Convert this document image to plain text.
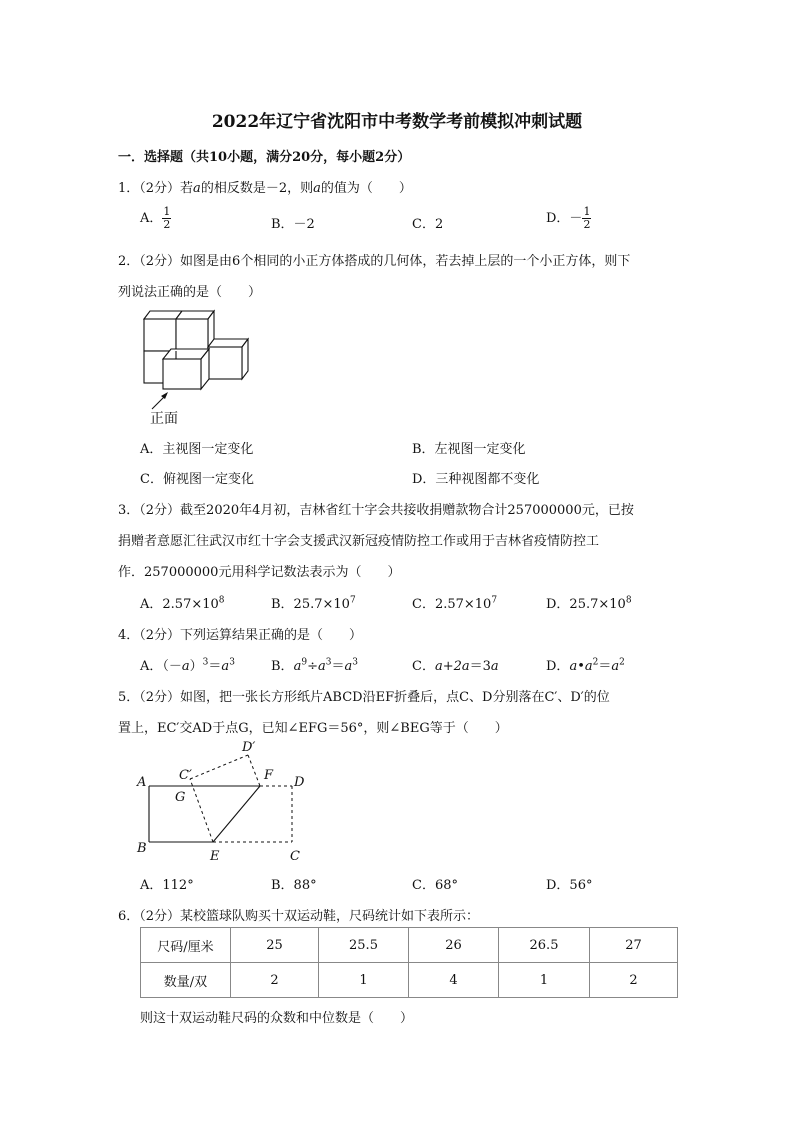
2022年辽宁省沈阳市中考数学考前模拟冲刺试题
一．选择题（共10小题，满分20分，每小题2分）
1．（2分）若a的相反数是－2，则a的值为（　　）
A． $\frac{1}{2}$	B．－2	C．2	D．－ $\frac{1}{2}$
2．（2分）如图是由6个相同的小正方体搭成的几何体，若去掉上层的一个小正方体，则下
列说法正确的是（　　）
正面
A．主视图一定变化	B．左视图一定变化
C．俯视图一定变化	D．三种视图都不变化
3．（2分）截至2020年4月初，吉林省红十字会共接收捐赠款物合计257000000元，已按
捐赠者意愿汇往武汉市红十字会支援武汉新冠疫情防控工作或用于吉林省疫情防控工
作．257000000元用科学记数法表示为（　　）
A．$2.57\times 10^8$	B．$25.7\times 10^7$	C．$2.57\times 10^7$	D．$25.7\times 10^8$
4．（2分）下列运算结果正确的是（　　）
A．$(-a)^3=a^3$	B．$a^9\div a^3=a^3$	C．a+2a＝3a	D．$a•a^2=a^2$
5．（2分）如图，把一张长方形纸片ABCD沿EF折叠后，点C、D分别落在C′、D′的位
置上，EC′交AD于点G，已知∠EFG＝56°，则∠BEG等于（　　）
A
B
C
D
E
F
G
C′
D′
A．112°	B．88°	C．68°	D．56°
6．（2分）某校篮球队购买十双运动鞋，尺码统计如下表所示：
尺码/厘米	25	25.5	26	26.5	27
数量/双	2	1	4	1	2
则这十双运动鞋尺码的众数和中位数是（　　）
